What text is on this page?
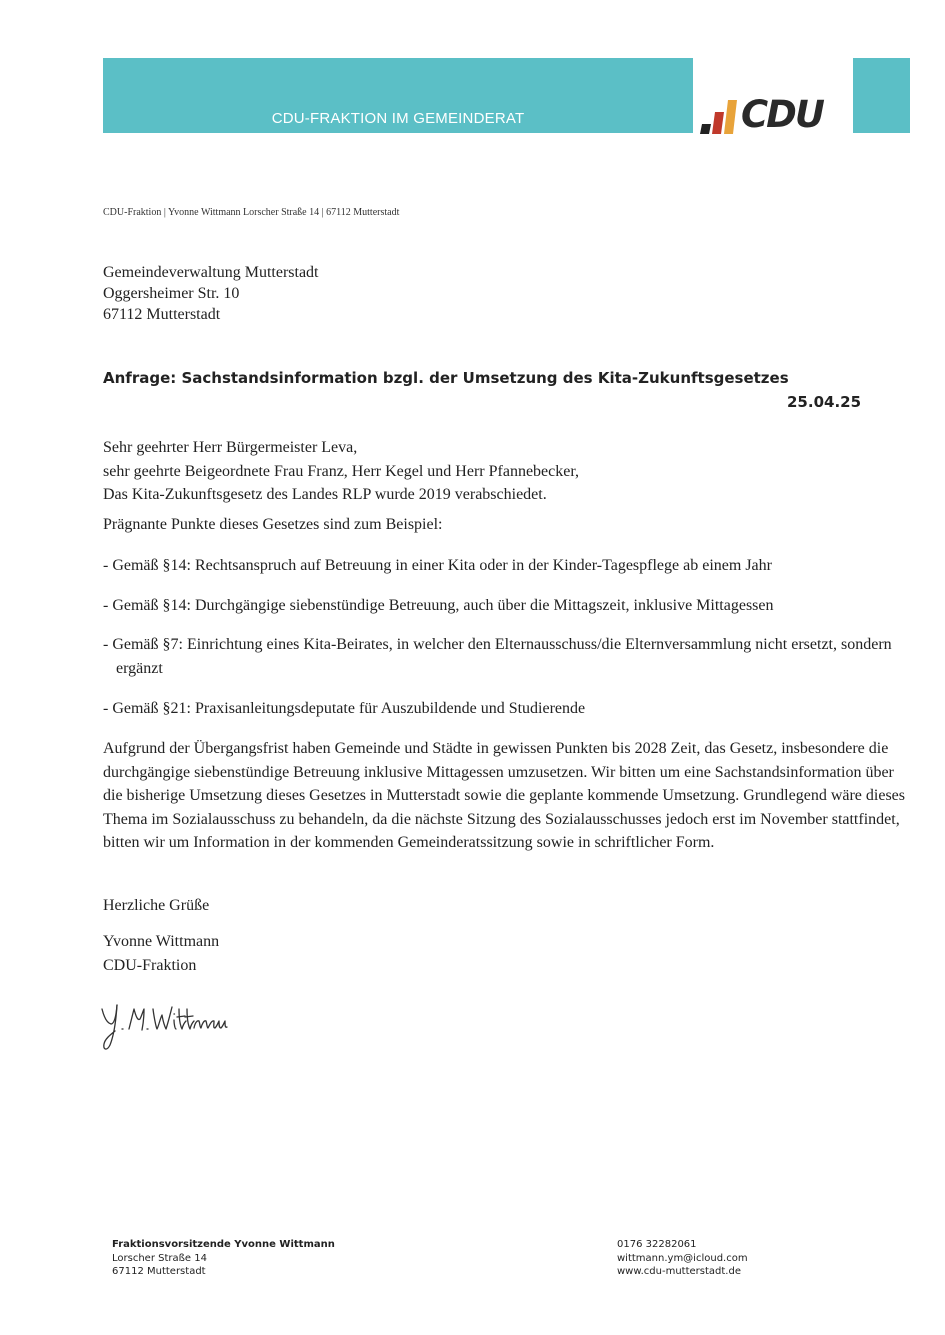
CDU-FRAKTION IM GEMEINDERAT	CDU
CDU-Fraktion | Yvonne Wittmann Lorscher Straße 14 | 67112 Mutterstadt
Gemeindeverwaltung Mutterstadt
Oggersheimer Str. 10
67112 Mutterstadt
Anfrage: Sachstandsinformation bzgl. der Umsetzung des Kita-Zukunftsgesetzes
25.04.25
Sehr geehrter Herr Bürgermeister Leva,
sehr geehrte Beigeordnete Frau Franz, Herr Kegel und Herr Pfannebecker,
Das Kita-Zukunftsgesetz des Landes RLP wurde 2019 verabschiedet.
Prägnante Punkte dieses Gesetzes sind zum Beispiel:
- Gemäß §14: Rechtsanspruch auf Betreuung in einer Kita oder in der Kinder-Tagespflege ab einem Jahr
- Gemäß §14: Durchgängige siebenstündige Betreuung, auch über die Mittagszeit, inklusive Mittagessen
- Gemäß §7: Einrichtung eines Kita-Beirates, in welcher den Elternausschuss/die Elternversammlung nicht ersetzt, sondern ergänzt
- Gemäß §21: Praxisanleitungsdeputate für Auszubildende und Studierende
Aufgrund der Übergangsfrist haben Gemeinde und Städte in gewissen Punkten bis 2028 Zeit, das Gesetz, insbesondere die durchgängige siebenstündige Betreuung inklusive Mittagessen umzusetzen. Wir bitten um eine Sachstandsinformation über die bisherige Umsetzung dieses Gesetzes in Mutterstadt sowie die geplante kommende Umsetzung. Grundlegend wäre dieses Thema im Sozialausschuss zu behandeln, da die nächste Sitzung des Sozialausschusses jedoch erst im November stattfindet, bitten wir um Information in der kommenden Gemeinderatssitzung sowie in schriftlicher Form.
Herzliche Grüße
Yvonne Wittmann
CDU-Fraktion
Fraktionsvorsitzende Yvonne Wittmann
Lorscher Straße 14
67112 Mutterstadt
0176 32282061
wittmann.ym@icloud.com
www.cdu-mutterstadt.de
